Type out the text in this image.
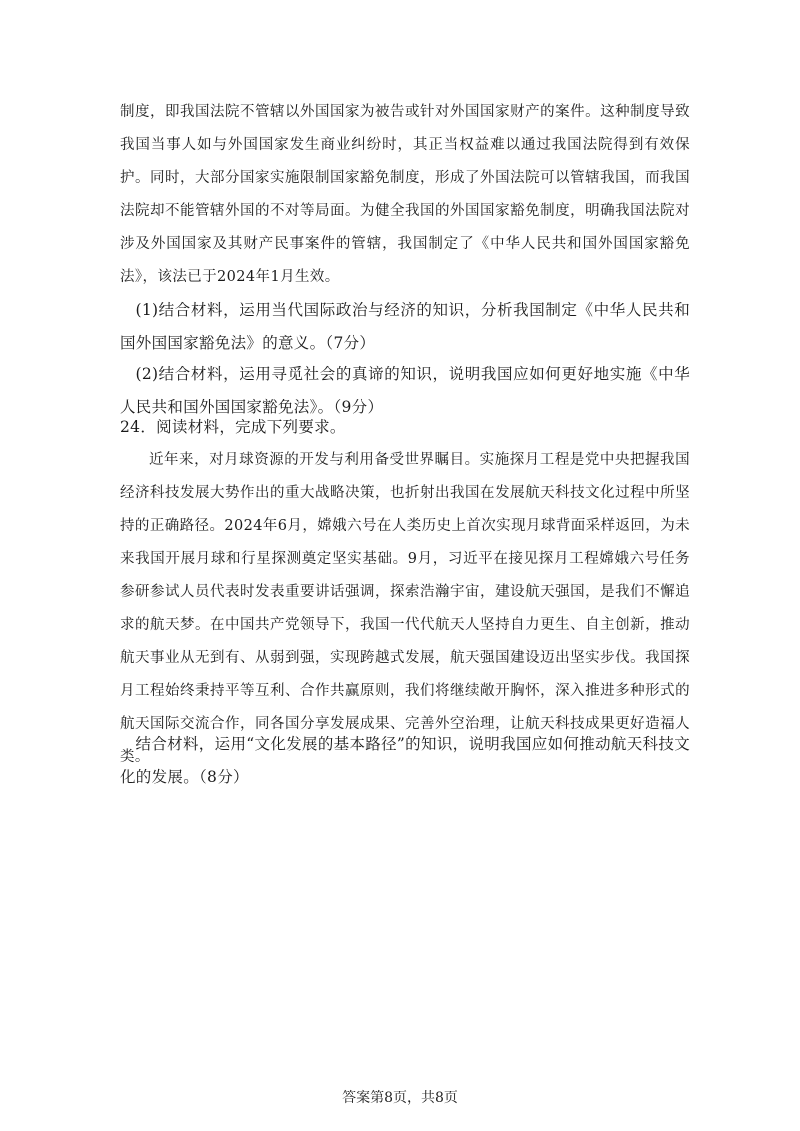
制度，即我国法院不管辖以外国国家为被告或针对外国国家财产的案件。这种制度导致我国当事人如与外国国家发生商业纠纷时，其正当权益难以通过我国法院得到有效保护。同时，大部分国家实施限制国家豁免制度，形成了外国法院可以管辖我国，而我国法院却不能管辖外国的不对等局面。为健全我国的外国国家豁免制度，明确我国法院对涉及外国国家及其财产民事案件的管辖，我国制定了《中华人民共和国外国国家豁免法》，该法已于2024年1月生效。

(1)结合材料，运用当代国际政治与经济的知识，分析我国制定《中华人民共和国外国国家豁免法》的意义。（7分）

(2)结合材料，运用寻觅社会的真谛的知识，说明我国应如何更好地实施《中华人民共和国外国国家豁免法》。（9分）

24．阅读材料，完成下列要求。

近年来，对月球资源的开发与利用备受世界瞩目。实施探月工程是党中央把握我国经济科技发展大势作出的重大战略决策，也折射出我国在发展航天科技文化过程中所坚持的正确路径。2024年6月，嫦娥六号在人类历史上首次实现月球背面采样返回，为未来我国开展月球和行星探测奠定坚实基础。9月，习近平在接见探月工程嫦娥六号任务参研参试人员代表时发表重要讲话强调，探索浩瀚宇宙，建设航天强国，是我们不懈追求的航天梦。在中国共产党领导下，我国一代代航天人坚持自力更生、自主创新，推动航天事业从无到有、从弱到强，实现跨越式发展，航天强国建设迈出坚实步伐。我国探月工程始终秉持平等互利、合作共赢原则，我们将继续敞开胸怀，深入推进多种形式的航天国际交流合作，同各国分享发展成果、完善外空治理，让航天科技成果更好造福人类。

结合材料，运用“文化发展的基本路径”的知识，说明我国应如何推动航天科技文化的发展。（8分）

答案第8页，共8页
